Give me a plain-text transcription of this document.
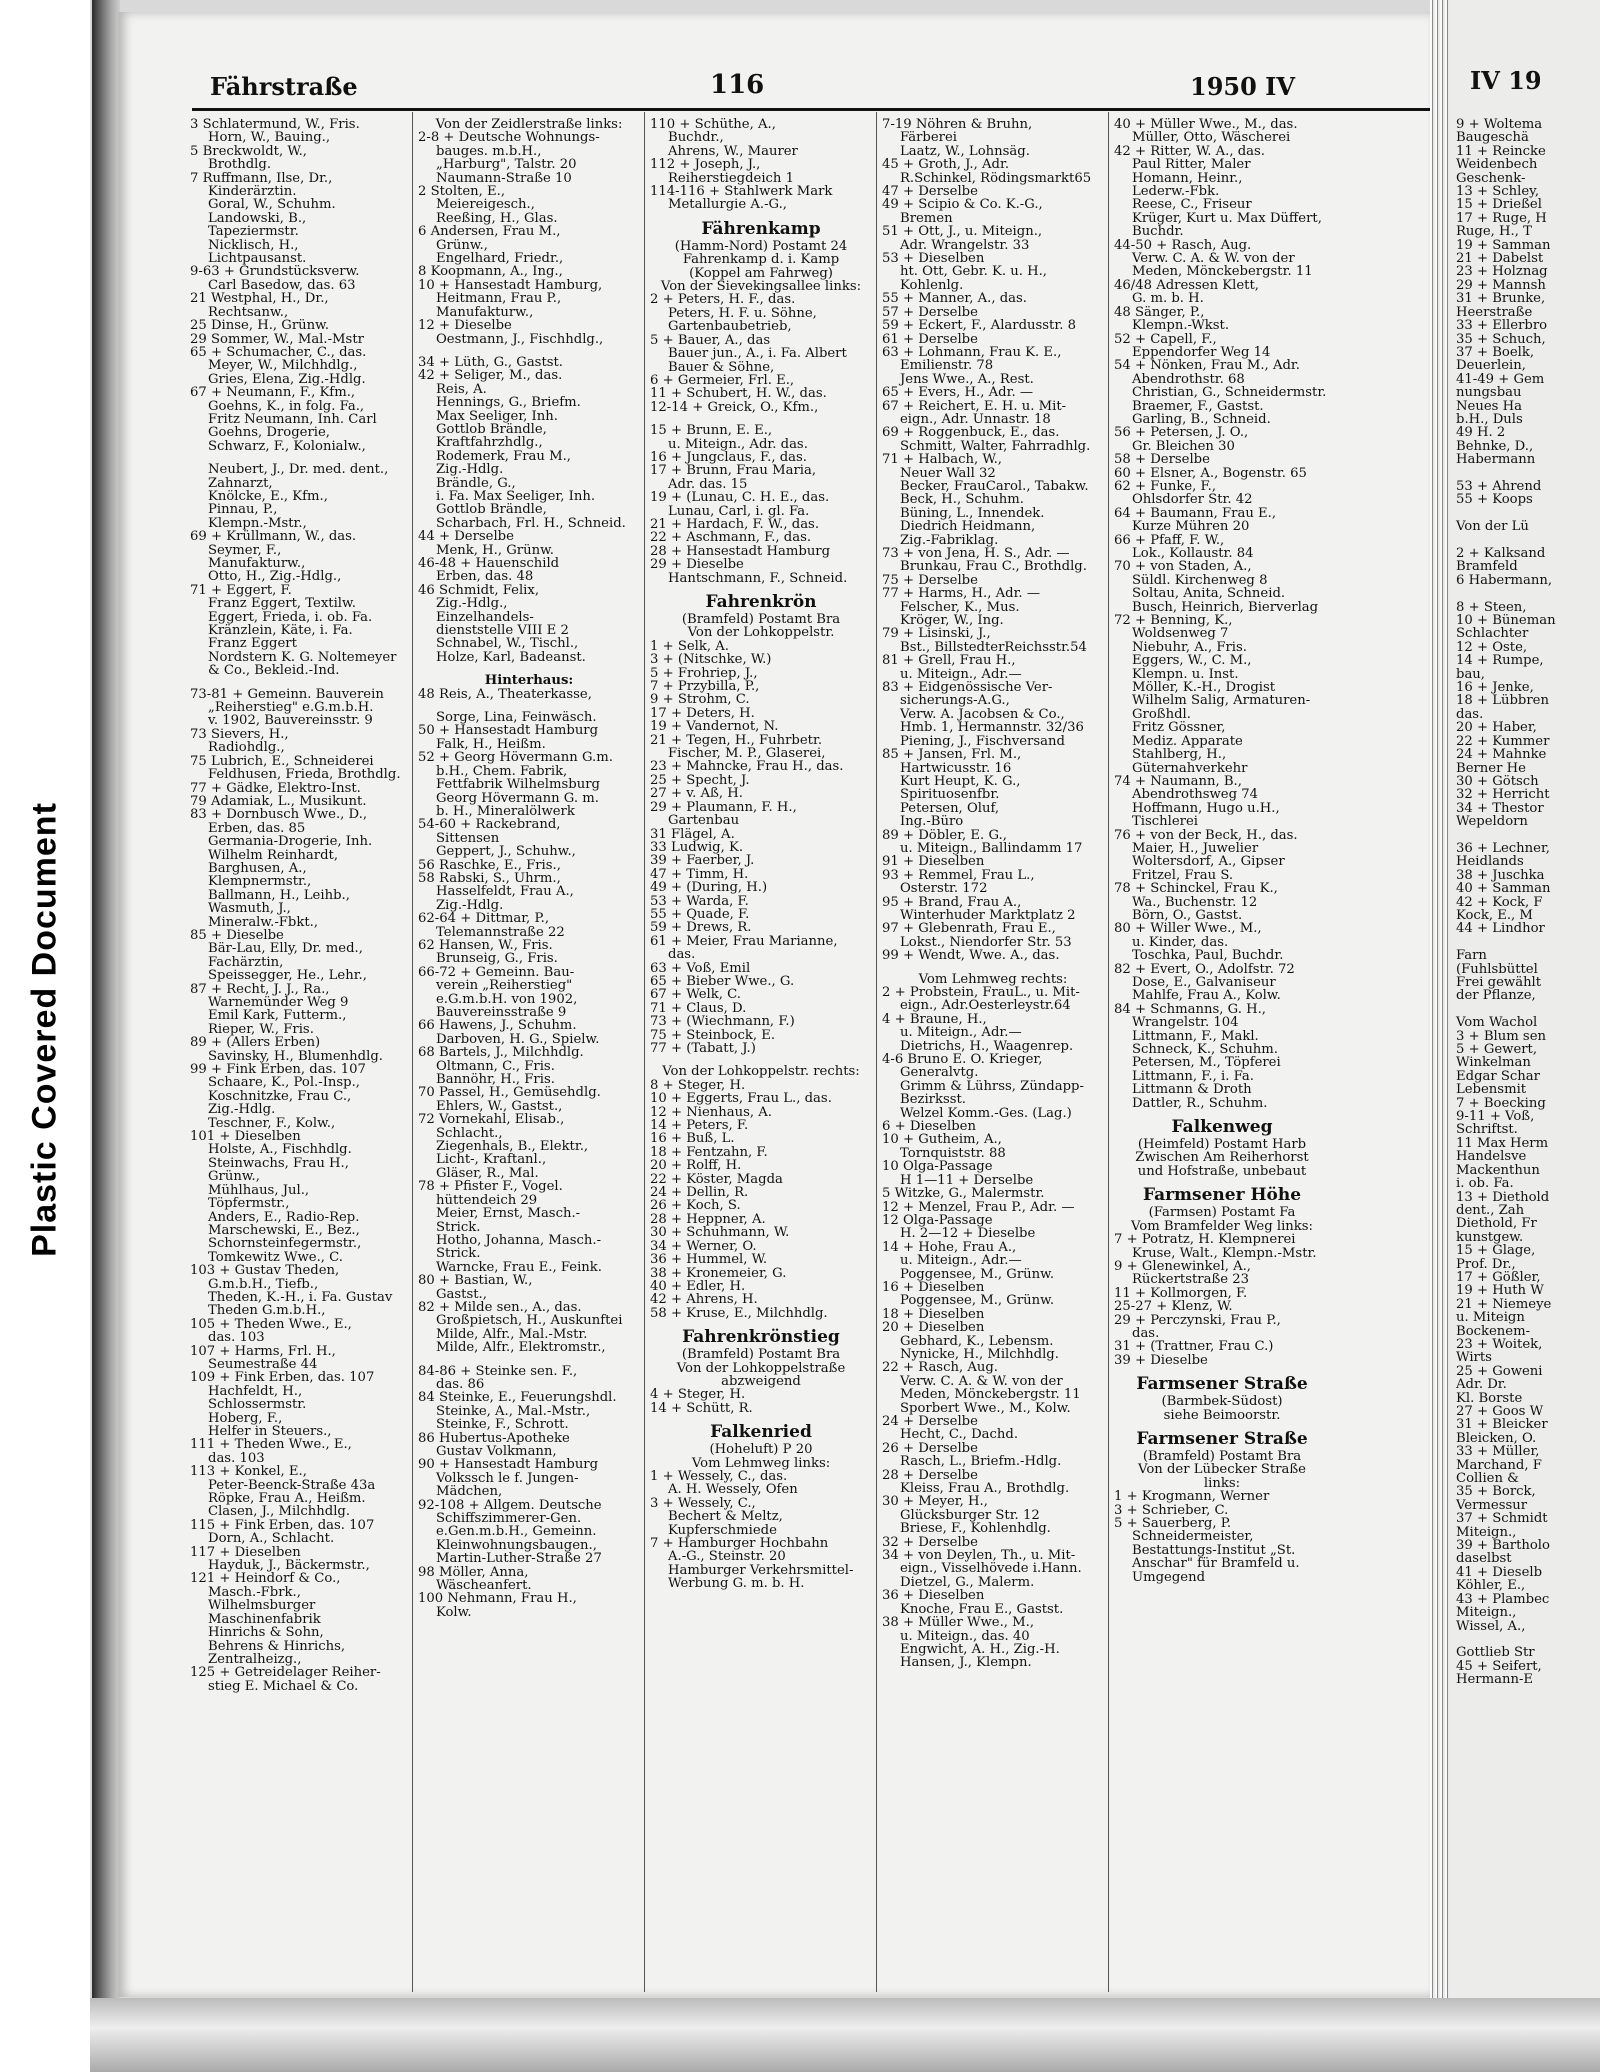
Plastic Covered Document
IV 19
9 + Woltema
Baugeschä
11 + Reincke
Weidenbech
Geschenk-
13 + Schley,
15 + Drießel
17 + Ruge, H
Ruge, H., T
19 + Samman
21 + Dabelst
23 + Holznag
29 + Mannsh
31 + Brunke,
Heerstraße
33 + Ellerbro
35 + Schuch,
37 + Boelk,
Deuerlein,
41-49 + Gem
nungsbau
Neues Ha
b.H., Duls
49 H. 2
Behnke, D.,
Habermann

53 + Ahrend
55 + Koops

Von der Lü

2 + Kalksand
Bramfeld
6 Habermann,

8 + Steen,
10 + Büneman
Schlachter
12 + Oste,
14 + Rumpe,
bau,
16 + Jenke,
18 + Lübbren
das.
20 + Haber,
22 + Kummer
24 + Mahnke
Berner He
30 + Götsch
32 + Herricht
34 + Thestor
Wepeldorn

36 + Lechner,
Heidlands
38 + Juschka
40 + Samman
42 + Kock, F
Kock, E., M
44 + Lindhor

Farn
(Fuhlsbüttel
Frei gewählt
der Pflanze,

Vom Wachol
3 + Blum sen
5 + Gewert,
Winkelman
Edgar Schar
Lebensmit
7 + Boecking
9-11 + Voß,
Schriftst.
11 Max Herm
Handelsve
Mackenthun
i. ob. Fa.
13 + Diethold
dent., Zah
Diethold, Fr
kunstgew.
15 + Glage,
Prof. Dr.,
17 + Gößler,
19 + Huth W
21 + Niemeye
u. Miteign
Bockenem-
23 + Woitek,
Wirts
25 + Goweni
Adr. Dr.
Kl. Borste
27 + Goos W
31 + Bleicker
Bleicken, O.
33 + Müller,
Marchand, F
Collien &
35 + Borck,
Vermessur
37 + Schmidt
Miteign.,
39 + Bartholo
daselbst
41 + Dieselb
Köhler, E.,
43 + Plambec
Miteign.,
Wissel, A.,

Gottlieb Str
45 + Seifert,
Hermann-E
Fährstraße	116	1950 IV
3 Schlatermund, W., Fris.
Horn, W., Bauing.,
5 Breckwoldt, W.,
Brothdlg.
7 Ruffmann, Ilse, Dr.,
Kinderärztin.
Goral, W., Schuhm.
Landowski, B.,
Tapeziermstr.
Nicklisch, H.,
Lichtpausanst.
9-63 + Grundstücksverw.
Carl Basedow, das. 63
21 Westphal, H., Dr.,
Rechtsanw.,
25 Dinse, H., Grünw.
29 Sommer, W., Mal.-Mstr
65 + Schumacher, C., das.
Meyer, W., Milchhdlg.,
Gries, Elena, Zig.-Hdlg.
67 + Neumann, F., Kfm.,
Goehns, K., in folg. Fa.,
Fritz Neumann, Inh. Carl
Goehns, Drogerie,
Schwarz, F., Kolonialw.,
Neubert, J., Dr. med. dent.,
Zahnarzt,
Knölcke, E., Kfm.,
Pinnau, P.,
Klempn.-Mstr.,
69 + Krüllmann, W., das.
Seymer, F.,
Manufakturw.,
Otto, H., Zig.-Hdlg.,
71 + Eggert, F.
Franz Eggert, Textilw.
Eggert, Frieda, i. ob. Fa.
Kränzlein, Käte, i. Fa.
Franz Eggert
Nordstern K. G. Noltemeyer
& Co., Bekleid.-Ind.
73-81 + Gemeinn. Bauverein
„Reiherstieg" e.G.m.b.H.
v. 1902, Bauvereinsstr. 9
73 Sievers, H.,
Radiohdlg.,
75 Lubrich, E., Schneiderei
Feldhusen, Frieda, Brothdlg.
77 + Gädke, Elektro-Inst.
79 Adamiak, L., Musikunt.
83 + Dornbusch Wwe., D.,
Erben, das. 85
Germania-Drogerie, Inh.
Wilhelm Reinhardt,
Barghusen, A.,
Klempnermstr.,
Ballmann, H., Leihb.,
Wasmuth, J.,
Mineralw.-Fbkt.,
85 + Dieselbe
Bär-Lau, Elly, Dr. med.,
Fachärztin,
Speissegger, He., Lehr.,
87 + Recht, J. J., Ra.,
Warnemünder Weg 9
Emil Kark, Futterm.,
Rieper, W., Fris.
89 + (Allers Erben)
Savinsky, H., Blumenhdlg.
99 + Fink Erben, das. 107
Schaare, K., Pol.-Insp.,
Koschnitzke, Frau C.,
Zig.-Hdlg.
Teschner, F., Kolw.,
101 + Dieselben
Holste, A., Fischhdlg.
Steinwachs, Frau H.,
Grünw.,
Mühlhaus, Jul.,
Töpfermstr.,
Anders, E., Radio-Rep.
Marschewski, E., Bez.,
Schornsteinfegermstr.,
Tomkewitz Wwe., C.
103 + Gustav Theden,
G.m.b.H., Tiefb.,
Theden, K.-H., i. Fa. Gustav
Theden G.m.b.H.,
105 + Theden Wwe., E.,
das. 103
107 + Harms, Frl. H.,
Seumestraße 44
109 + Fink Erben, das. 107
Hachfeldt, H.,
Schlossermstr.
Hoberg, F.,
Helfer in Steuers.,
111 + Theden Wwe., E.,
das. 103
113 + Konkel, E.,
Peter-Beenck-Straße 43a
Röpke, Frau A., Heißm.
Clasen, J., Milchhdlg.
115 + Fink Erben, das. 107
Dorn, A., Schlacht.
117 + Dieselben
Hayduk, J., Bäckermstr.,
121 + Heindorf & Co.,
Masch.-Fbrk.,
Wilhelmsburger
Maschinenfabrik
Hinrichs & Sohn,
Behrens & Hinrichs,
Zentralheizg.,
125 + Getreidelager Reiher-
stieg E. Michael & Co.
Von der Zeidlerstraße links:
2-8 + Deutsche Wohnungs-
bauges. m.b.H.,
„Harburg", Talstr. 20
Naumann-Straße 10
2 Stolten, E.,
Meiereigesch.,
Reeßing, H., Glas.
6 Andersen, Frau M.,
Grünw.,
Engelhard, Friedr.,
8 Koopmann, A., Ing.,
10 + Hansestadt Hamburg,
Heitmann, Frau P.,
Manufakturw.,
12 + Dieselbe
Oestmann, J., Fischhdlg.,
34 + Lüth, G., Gastst.
42 + Seliger, M., das.
Reis, A.
Hennings, G., Briefm.
Max Seeliger, Inh.
Gottlob Brändle,
Kraftfahrzhdlg.,
Rodemerk, Frau M.,
Zig.-Hdlg.
Brändle, G.,
i. Fa. Max Seeliger, Inh.
Gottlob Brändle,
Scharbach, Frl. H., Schneid.
44 + Derselbe
Menk, H., Grünw.
46-48 + Hauenschild
Erben, das. 48
46 Schmidt, Felix,
Zig.-Hdlg.,
Einzelhandels-
dienststelle VIII E 2
Schnabel, W., Tischl.,
Holze, Karl, Badeanst.
Hinterhaus:
48 Reis, A., Theaterkasse,
Sorge, Lina, Feinwäsch.
50 + Hansestadt Hamburg
Falk, H., Heißm.
52 + Georg Hövermann G.m.
b.H., Chem. Fabrik,
Fettfabrik Wilhelmsburg
Georg Hövermann G. m.
b. H., Mineralölwerk
54-60 + Rackebrand,
Sittensen
Geppert, J., Schuhw.,
56 Raschke, E., Fris.,
58 Rabski, S., Uhrm.,
Hasselfeldt, Frau A.,
Zig.-Hdlg.
62-64 + Dittmar, P.,
Telemannstraße 22
62 Hansen, W., Fris.
Brunseig, G., Fris.
66-72 + Gemeinn. Bau-
verein „Reiherstieg"
e.G.m.b.H. von 1902,
Bauvereinsstraße 9
66 Hawens, J., Schuhm.
Darboven, H. G., Spielw.
68 Bartels, J., Milchhdlg.
Oltmann, C., Fris.
Bannöhr, H., Fris.
70 Passel, H., Gemüsehdlg.
Ehlers, W., Gastst.,
72 Vornekahl, Elisab.,
Schlacht.,
Ziegenhals, B., Elektr.,
Licht-, Kraftanl.,
Gläser, R., Mal.
78 + Pfister F., Vogel.
hüttendeich 29
Meier, Ernst, Masch.-
Strick.
Hotho, Johanna, Masch.-
Strick.
Warncke, Frau E., Feink.
80 + Bastian, W.,
Gastst.,
82 + Milde sen., A., das.
Großpietsch, H., Auskunftei
Milde, Alfr., Mal.-Mstr.
Milde, Alfr., Elektromstr.,
84-86 + Steinke sen. F.,
das. 86
84 Steinke, E., Feuerungshdl.
Steinke, A., Mal.-Mstr.,
Steinke, F., Schrott.
86 Hubertus-Apotheke
Gustav Volkmann,
90 + Hansestadt Hamburg
Volkssch le f. Jungen-
Mädchen,
92-108 + Allgem. Deutsche
Schiffszimmerer-Gen.
e.Gen.m.b.H., Gemeinn.
Kleinwohnungsbaugen.,
Martin-Luther-Straße 27
98 Möller, Anna,
Wäscheanfert.
100 Nehmann, Frau H.,
Kolw.
110 + Schüthe, A.,
Buchdr.,
Ahrens, W., Maurer
112 + Joseph, J.,
Reiherstiegdeich 1
114-116 + Stahlwerk Mark
Metallurgie A.-G.,
Fährenkamp
(Hamm-Nord) Postamt 24
Fahrenkamp d. i. Kamp
(Koppel am Fahrweg)
Von der Sievekingsallee links:
2 + Peters, H. F., das.
Peters, H. F. u. Söhne,
Gartenbaubetrieb,
5 + Bauer, A., das
Bauer jun., A., i. Fa. Albert
Bauer & Söhne,
6 + Germeier, Frl. E.,
11 + Schubert, H. W., das.
12-14 + Greick, O., Kfm.,
15 + Brunn, E. E.,
u. Miteign., Adr. das.
16 + Jungclaus, F., das.
17 + Brunn, Frau Maria,
Adr. das. 15
19 + (Lunau, C. H. E., das.
Lunau, Carl, i. gl. Fa.
21 + Hardach, F. W., das.
22 + Aschmann, F., das.
28 + Hansestadt Hamburg
29 + Dieselbe
Hantschmann, F., Schneid.
Fahrenkrön
(Bramfeld) Postamt Bra
Von der Lohkoppelstr.
1 + Selk, A.
3 + (Nitschke, W.)
5 + Frohriep, J.,
7 + Przybilla, P.,
9 + Strohm, C.
17 + Deters, H.
19 + Vandernot, N.
21 + Tegen, H., Fuhrbetr.
Fischer, M. P., Glaserei,
23 + Mahncke, Frau H., das.
25 + Specht, J.
27 + v. Aß, H.
29 + Plaumann, F. H.,
Gartenbau
31 Flägel, A.
33 Ludwig, K.
39 + Faerber, J.
47 + Timm, H.
49 + (During, H.)
53 + Warda, F.
55 + Quade, F.
59 + Drews, R.
61 + Meier, Frau Marianne,
das.
63 + Voß, Emil
65 + Bieber Wwe., G.
67 + Welk, C.
71 + Claus, D.
73 + (Wiechmann, F.)
75 + Steinbock, E.
77 + (Tabatt, J.)
Von der Lohkoppelstr. rechts:
8 + Steger, H.
10 + Eggerts, Frau L., das.
12 + Nienhaus, A.
14 + Peters, F.
16 + Buß, L.
18 + Fentzahn, F.
20 + Rolff, H.
22 + Köster, Magda
24 + Dellin, R.
26 + Koch, S.
28 + Heppner, A.
30 + Schuhmann, W.
34 + Werner, O.
36 + Hummel, W.
38 + Kronemeier, G.
40 + Edler, H.
42 + Ahrens, H.
58 + Kruse, E., Milchhdlg.
Fahrenkrönstieg
(Bramfeld) Postamt Bra
Von der Lohkoppelstraße
abzweigend
4 + Steger, H.
14 + Schütt, R.
Falkenried
(Hoheluft) P 20
Vom Lehmweg links:
1 + Wessely, C., das.
A. H. Wessely, Ofen
3 + Wessely, C.,
Bechert & Meltz,
Kupferschmiede
7 + Hamburger Hochbahn
A.-G., Steinstr. 20
Hamburger Verkehrsmittel-
Werbung G. m. b. H.
7-19 Nöhren & Bruhn,
Färberei
Laatz, W., Lohnsäg.
45 + Groth, J., Adr.
R.Schinkel, Rödingsmarkt65
47 + Derselbe
49 + Scipio & Co. K.-G.,
Bremen
51 + Ott, J., u. Miteign.,
Adr. Wrangelstr. 33
53 + Dieselben
ht. Ott, Gebr. K. u. H.,
Kohlenlg.
55 + Manner, A., das.
57 + Derselbe
59 + Eckert, F., Alardusstr. 8
61 + Derselbe
63 + Lohmann, Frau K. E.,
Emilienstr. 78
Jens Wwe., A., Rest.
65 + Evers, H., Adr. —
67 + Reichert, E. H. u. Mit-
eign., Adr. Unnastr. 18
69 + Roggenbuck, E., das.
Schmitt, Walter, Fahrradhlg.
71 + Halbach, W.,
Neuer Wall 32
Becker, FrauCarol., Tabakw.
Beck, H., Schuhm.
Büning, L., Innendek.
Diedrich Heidmann,
Zig.-Fabriklag.
73 + von Jena, H. S., Adr. —
Brunkau, Frau C., Brothdlg.
75 + Derselbe
77 + Harms, H., Adr. —
Felscher, K., Mus.
Kröger, W., Ing.
79 + Lisinski, J.,
Bst., BillstedterReichsstr.54
81 + Grell, Frau H.,
u. Miteign., Adr.—
83 + Eidgenössische Ver-
sicherungs-A.G.,
Verw. A. Jacobsen & Co.,
Hmb. 1, Hermannstr. 32/36
Piening, J., Fischversand
85 + Jansen, Frl. M.,
Hartwicusstr. 16
Kurt Heupt, K. G.,
Spirituosenfbr.
Petersen, Oluf,
Ing.-Büro
89 + Döbler, E. G.,
u. Miteign., Ballindamm 17
91 + Dieselben
93 + Remmel, Frau L.,
Osterstr. 172
95 + Brand, Frau A.,
Winterhuder Marktplatz 2
97 + Glebenrath, Frau E.,
Lokst., Niendorfer Str. 53
99 + Wendt, Wwe. A., das.
Vom Lehmweg rechts:
2 + Probstein, FrauL., u. Mit-
eign., Adr.Oesterleystr.64
4 + Braune, H.,
u. Miteign., Adr.—
Dietrichs, H., Waagenrep.
4-6 Bruno E. O. Krieger,
Generalvtg.
Grimm & Lührss, Zündapp-
Bezirksst.
Welzel Komm.-Ges. (Lag.)
6 + Dieselben
10 + Gutheim, A.,
Tornquiststr. 88
10 Olga-Passage
H 1—11 + Derselbe
5 Witzke, G., Malermstr.
12 + Menzel, Frau P., Adr. —
12 Olga-Passage
H. 2—12 + Dieselbe
14 + Hohe, Frau A.,
u. Miteign., Adr.—
Poggensee, M., Grünw.
16 + Dieselben
Poggensee, M., Grünw.
18 + Dieselben
20 + Dieselben
Gebhard, K., Lebensm.
Nynicke, H., Milchhdlg.
22 + Rasch, Aug.
Verw. C. A. & W. von der
Meden, Mönckebergstr. 11
Sporbert Wwe., M., Kolw.
24 + Derselbe
Hecht, C., Dachd.
26 + Derselbe
Rasch, L., Briefm.-Hdlg.
28 + Derselbe
Kleiss, Frau A., Brothdlg.
30 + Meyer, H.,
Glücksburger Str. 12
Briese, F., Kohlenhdlg.
32 + Derselbe
34 + von Deylen, Th., u. Mit-
eign., Visselhövede i.Hann.
Dietzel, G., Malerm.
36 + Dieselben
Knoche, Frau E., Gastst.
38 + Müller Wwe., M.,
u. Miteign., das. 40
Engwicht, A. H., Zig.-H.
Hansen, J., Klempn.
40 + Müller Wwe., M., das.
Müller, Otto, Wäscherei
42 + Ritter, W. A., das.
Paul Ritter, Maler
Homann, Heinr.,
Lederw.-Fbk.
Reese, C., Friseur
Krüger, Kurt u. Max Düffert,
Buchdr.
44-50 + Rasch, Aug.
Verw. C. A. & W. von der
Meden, Mönckebergstr. 11
46/48 Adressen Klett,
G. m. b. H.
48 Sänger, P.,
Klempn.-Wkst.
52 + Capell, F.,
Eppendorfer Weg 14
54 + Nönken, Frau M., Adr.
Abendrothstr. 68
Christian, G., Schneidermstr.
Braemer, F., Gastst.
Garling, B., Schneid.
56 + Petersen, J. O.,
Gr. Bleichen 30
58 + Derselbe
60 + Elsner, A., Bogenstr. 65
62 + Funke, F.,
Ohlsdorfer Str. 42
64 + Baumann, Frau E.,
Kurze Mühren 20
66 + Pfaff, F. W.,
Lok., Kollaustr. 84
70 + von Staden, A.,
Süldl. Kirchenweg 8
Soltau, Anita, Schneid.
Busch, Heinrich, Bierverlag
72 + Benning, K.,
Woldsenweg 7
Niebuhr, A., Fris.
Eggers, W., C. M.,
Klempn. u. Inst.
Möller, K.-H., Drogist
Wilhelm Salig, Armaturen-
Großhdl.
Fritz Gössner,
Mediz. Apparate
Stahlberg, H.,
Güternahverkehr
74 + Naumann, B.,
Abendrothsweg 74
Hoffmann, Hugo u.H.,
Tischlerei
76 + von der Beck, H., das.
Maier, H., Juwelier
Woltersdorf, A., Gipser
Fritzel, Frau S.
78 + Schinckel, Frau K.,
Wa., Buchenstr. 12
Börn, O., Gastst.
80 + Willer Wwe., M.,
u. Kinder, das.
Toschka, Paul, Buchdr.
82 + Evert, O., Adolfstr. 72
Dose, E., Galvaniseur
Mahlfe, Frau A., Kolw.
84 + Schmanns, G. H.,
Wrangelstr. 104
Littmann, F., Makl.
Schneck, K., Schuhm.
Petersen, M., Töpferei
Littmann, F., i. Fa.
Littmann & Droth
Dattler, R., Schuhm.
Falkenweg
(Heimfeld) Postamt Harb
Zwischen Am Reiherhorst
und Hofstraße, unbebaut
Farmsener Höhe
(Farmsen) Postamt Fa
Vom Bramfelder Weg links:
7 + Potratz, H. Klempnerei
Kruse, Walt., Klempn.-Mstr.
9 + Glenewinkel, A.,
Rückertstraße 23
11 + Kollmorgen, F.
25-27 + Klenz, W.
29 + Perczynski, Frau P.,
das.
31 + (Trattner, Frau C.)
39 + Dieselbe
Farmsener Straße
(Barmbek-Südost)
siehe Beimoorstr.
Farmsener Straße
(Bramfeld) Postamt Bra
Von der Lübecker Straße
links:
1 + Krogmann, Werner
3 + Schrieber, C.
5 + Sauerberg, P.
Schneidermeister,
Bestattungs-Institut „St.
Anschar" für Bramfeld u.
Umgegend
